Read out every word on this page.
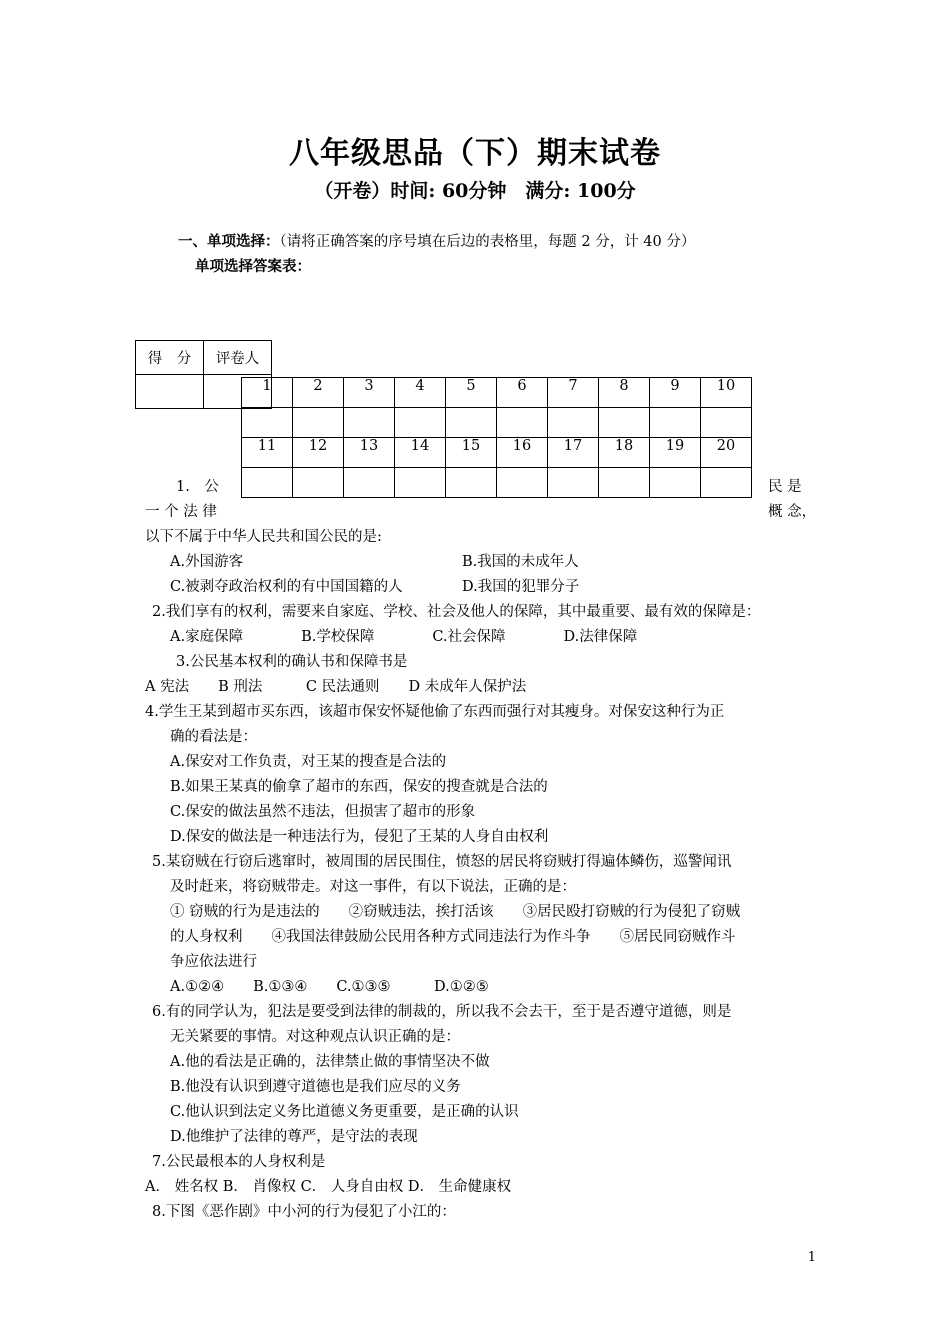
八年级思品（下）期末试卷
（开卷）时间: 60分钟　满分: 100分
一、单项选择：（请将正确答案的序号填在后边的表格里，每题 2 分，计 40 分）
单项选择答案表：
得　分	评卷人

1	2	3	4	5	6	7	8	9	10

11	12	13	14	15	16	17	18	19	20

1.　公	民 是
一 个 法 律	概 念，
以下不属于中华人民共和国公民的是:
A.外国游客	B.我国的未成年人
C.被剥夺政治权利的有中国国籍的人	D.我国的犯罪分子
2.我们享有的权利，需要来自家庭、学校、社会及他人的保障，其中最重要、最有效的保障是：
A.家庭保障　　　　B.学校保障　　　　C.社会保障　　　　D.法律保障
3.公民基本权利的确认书和保障书是
A 宪法　　B 刑法　　　C 民法通则　　D 未成年人保护法
4.学生王某到超市买东西，该超市保安怀疑他偷了东西而强行对其瘦身。对保安这种行为正
确的看法是：
A.保安对工作负责，对王某的搜查是合法的
B.如果王某真的偷拿了超市的东西，保安的搜查就是合法的
C.保安的做法虽然不违法，但损害了超市的形象
D.保安的做法是一种违法行为，侵犯了王某的人身自由权利
5.某窃贼在行窃后逃窜时，被周围的居民围住，愤怒的居民将窃贼打得遍体鳞伤，巡警闻讯
及时赶来，将窃贼带走。对这一事件，有以下说法，正确的是：
① 窃贼的行为是违法的　　②窃贼违法，挨打活该　　③居民殴打窃贼的行为侵犯了窃贼
的人身权利　　④我国法律鼓励公民用各种方式同违法行为作斗争　　⑤居民同窃贼作斗
争应依法进行
A.①②④　　B.①③④　　C.①③⑤　　　D.①②⑤
6.有的同学认为，犯法是要受到法律的制裁的，所以我不会去干，至于是否遵守道德，则是
无关紧要的事情。对这种观点认识正确的是：
A.他的看法是正确的，法律禁止做的事情坚决不做
B.他没有认识到遵守道德也是我们应尽的义务
C.他认识到法定义务比道德义务更重要，是正确的认识
D.他维护了法律的尊严，是守法的表现
7.公民最根本的人身权利是
A． 姓名权 B． 肖像权 C． 人身自由权 D． 生命健康权
8.下图《恶作剧》中小河的行为侵犯了小江的：
1
